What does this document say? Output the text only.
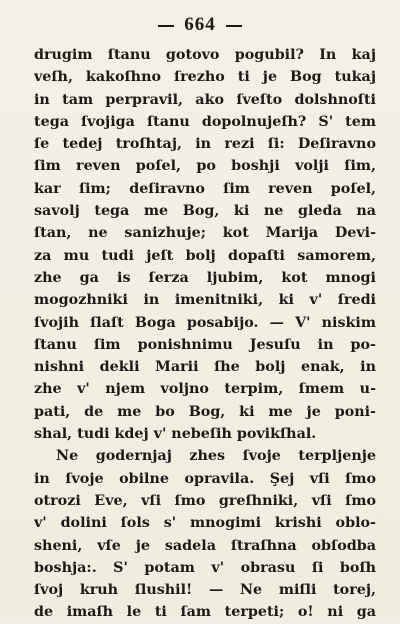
664
drugim ſtanu gotovo pogubil? In kaj
veſh, kakoſhno ſrezho ti je Bog tukaj
in tam perpravil, ako ſveſto dolshnoſti
tega ſvojiga ſtanu dopolnujeſh? S' tem
ſe tedej troſhtaj, in rezi ſi: Deſiravno
ſim reven poſel, po boshji volji ſim,
kar ſim; deſiravno ſim reven poſel,
savolj tega me Bog, ki ne gleda na
ſtan, ne sanizhuje; kot Marija Devi-
za mu tudi jeſt bolj dopaſti samorem,
zhe ga is ſerza ljubim, kot mnogi
mogozhniki in imenitniki, ki v' ſredi
ſvojih ſlaſt Boga posabijo. — V' niskim
ſtanu ſim ponishnimu Jesuſu in po-
nishni dekli Marii ſhe bolj enak, in
zhe v' njem voljno terpim, ſmem u-
pati, de me bo Bog, ki me je poni-
shal, tudi kdej v' nebeſih povikſhal.
Ne godernjaj zhes ſvoje terpljenje
in ſvoje obilne opravila. Şej vſi ſmo
otrozi Eve, vſi ſmo greſhniki, vſi ſmo
v' dolini ſols s' mnogimi krishi oblo-
sheni, vſe je sadela ſtraſhna obſodba
boshja:. S' potam v' obrasu ſi boſh
ſvoj kruh ſlushil! — Ne miſli torej,
de imaſh le ti ſam terpeti; o! ni ga
